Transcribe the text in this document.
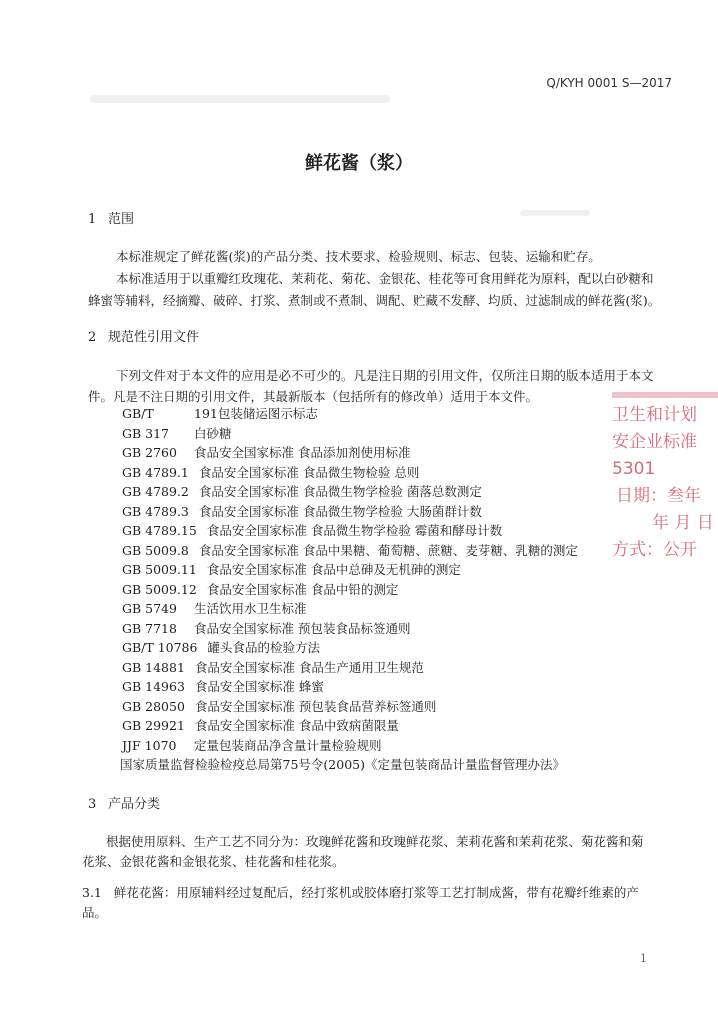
Q/KYH 0001 S—2017
鲜花酱（浆）
1 范围
本标准规定了鲜花酱(浆)的产品分类、技术要求、检验规则、标志、包装、运输和贮存。
本标准适用于以重瓣红玫瑰花、茉莉花、菊花、金银花、桂花等可食用鲜花为原料，配以白砂糖和
蜂蜜等辅料，经摘瓣、破碎、打浆、煮制或不煮制、调配、贮藏不发酵、均质、过滤制成的鲜花酱(浆)。
2 规范性引用文件
下列文件对于本文件的应用是必不可少的。凡是注日期的引用文件，仅所注日期的版本适用于本文
件。凡是不注日期的引用文件，其最新版本（包括所有的修改单）适用于本文件。
GB/T	191包装储运图示标志
GB 317 白砂糖
GB 2760 食品安全国家标准 食品添加剂使用标准
GB 4789.1 食品安全国家标准 食品微生物检验 总则
GB 4789.2 食品安全国家标准 食品微生物学检验 菌落总数测定
GB 4789.3 食品安全国家标准 食品微生物学检验 大肠菌群计数
GB 4789.15 食品安全国家标准 食品微生物学检验 霉菌和酵母计数
GB 5009.8 食品安全国家标准 食品中果糖、葡萄糖、蔗糖、麦芽糖、乳糖的测定
GB 5009.11 食品安全国家标准 食品中总砷及无机砷的测定
GB 5009.12 食品安全国家标准 食品中铅的测定
GB 5749 生活饮用水卫生标准
GB 7718 食品安全国家标准 预包装食品标签通则
GB/T 10786 罐头食品的检验方法
GB 14881 食品安全国家标准 食品生产通用卫生规范
GB 14963 食品安全国家标准 蜂蜜
GB 28050 食品安全国家标准 预包装食品营养标签通则
GB 29921 食品安全国家标准 食品中致病菌限量
JJF 1070 定量包装商品净含量计量检验规则
国家质量监督检验检疫总局第75号令(2005)《定量包装商品计量监督管理办法》
3 产品分类
根据使用原料、生产工艺不同分为：玫瑰鲜花酱和玫瑰鲜花浆、茉莉花酱和茉莉花浆、菊花酱和菊
花浆、金银花酱和金银花浆、桂花酱和桂花浆。
3.1 鲜花花酱：用原辅料经过复配后，经打浆机或胶体磨打浆等工艺打制成酱，带有花瓣纤维素的产
品。
卫生和计划
安企业标准
5301
日期：叁年
年 月 日
方式：公开
1
